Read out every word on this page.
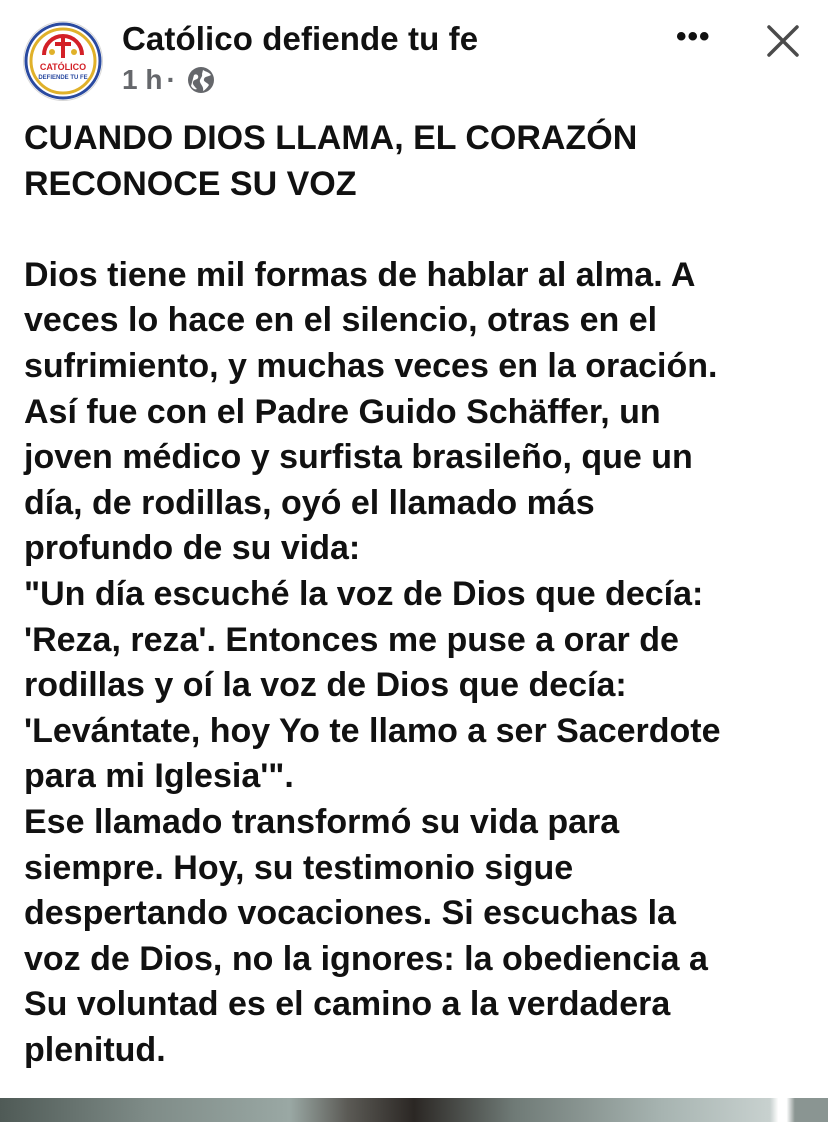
CATÓLICO
DEFIENDE TU FE
Católico defiende tu fe
1 h ·
•••

CUANDO DIOS LLAMA, EL CORAZÓN
RECONOCE SU VOZ

Dios tiene mil formas de hablar al alma. A
veces lo hace en el silencio, otras en el
sufrimiento, y muchas veces en la oración.
Así fue con el Padre Guido Schäffer, un
joven médico y surfista brasileño, que un
día, de rodillas, oyó el llamado más
profundo de su vida:
"Un día escuché la voz de Dios que decía:
'Reza, reza'. Entonces me puse a orar de
rodillas y oí la voz de Dios que decía:
'Levántate, hoy Yo te llamo a ser Sacerdote
para mi Iglesia'".
Ese llamado transformó su vida para
siempre. Hoy, su testimonio sigue
despertando vocaciones. Si escuchas la
voz de Dios, no la ignores: la obediencia a
Su voluntad es el camino a la verdadera
plenitud.
